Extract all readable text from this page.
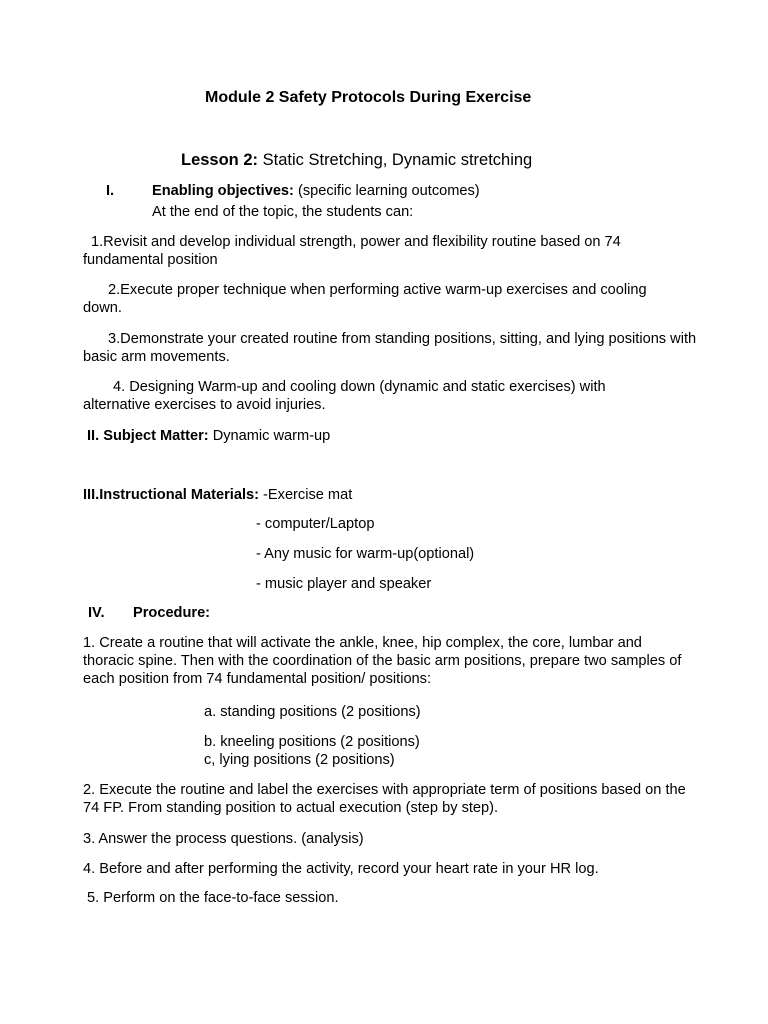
Module 2 Safety Protocols During Exercise
Lesson 2: Static Stretching, Dynamic stretching
I.	Enabling objectives: (specific learning outcomes)
At the end of the topic, the students can:
1.Revisit and develop individual strength, power and flexibility routine based on 74 fundamental position
2.Execute proper technique when performing active warm-up exercises and cooling down.
3.Demonstrate your created routine from standing positions, sitting, and lying positions with basic arm movements.
4. Designing Warm-up and cooling down (dynamic and static exercises) with alternative exercises to avoid injuries.
II. Subject Matter: Dynamic warm-up
III.Instructional Materials: -Exercise mat
- computer/Laptop
- Any music for warm-up(optional)
- music player and speaker
IV. Procedure:
1. Create a routine that will activate the ankle, knee, hip complex, the core, lumbar and thoracic spine. Then with the coordination of the basic arm positions, prepare two samples of each position from 74 fundamental position/ positions:
a. standing positions (2 positions)
b. kneeling positions (2 positions)
c, lying positions (2 positions)
2. Execute the routine and label the exercises with appropriate term of positions based on the 74 FP. From standing position to actual execution (step by step).
3. Answer the process questions. (analysis)
4. Before and after performing the activity, record your heart rate in your HR log.
5. Perform on the face-to-face session.
